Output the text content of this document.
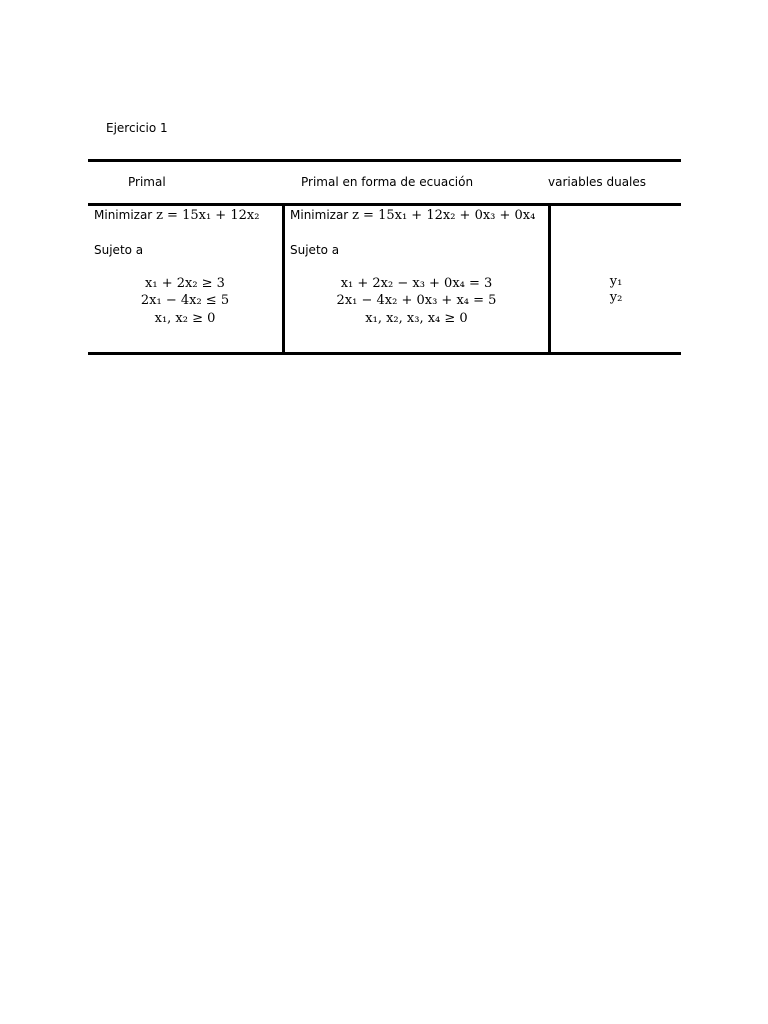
Ejercicio 1
Primal	Primal en forma de ecuación	variables duales
Minimizar z = 15x₁ + 12x₂
Sujeto a
x₁ + 2x₂ ≥ 3
2x₁ − 4x₂ ≤ 5
x₁, x₂ ≥ 0
Minimizar z = 15x₁ + 12x₂ + 0x₃ + 0x₄
Sujeto a
x₁ + 2x₂ − x₃ + 0x₄ = 3
2x₁ − 4x₂ + 0x₃ + x₄ = 5
x₁, x₂, x₃, x₄ ≥ 0
y₁
y₂
